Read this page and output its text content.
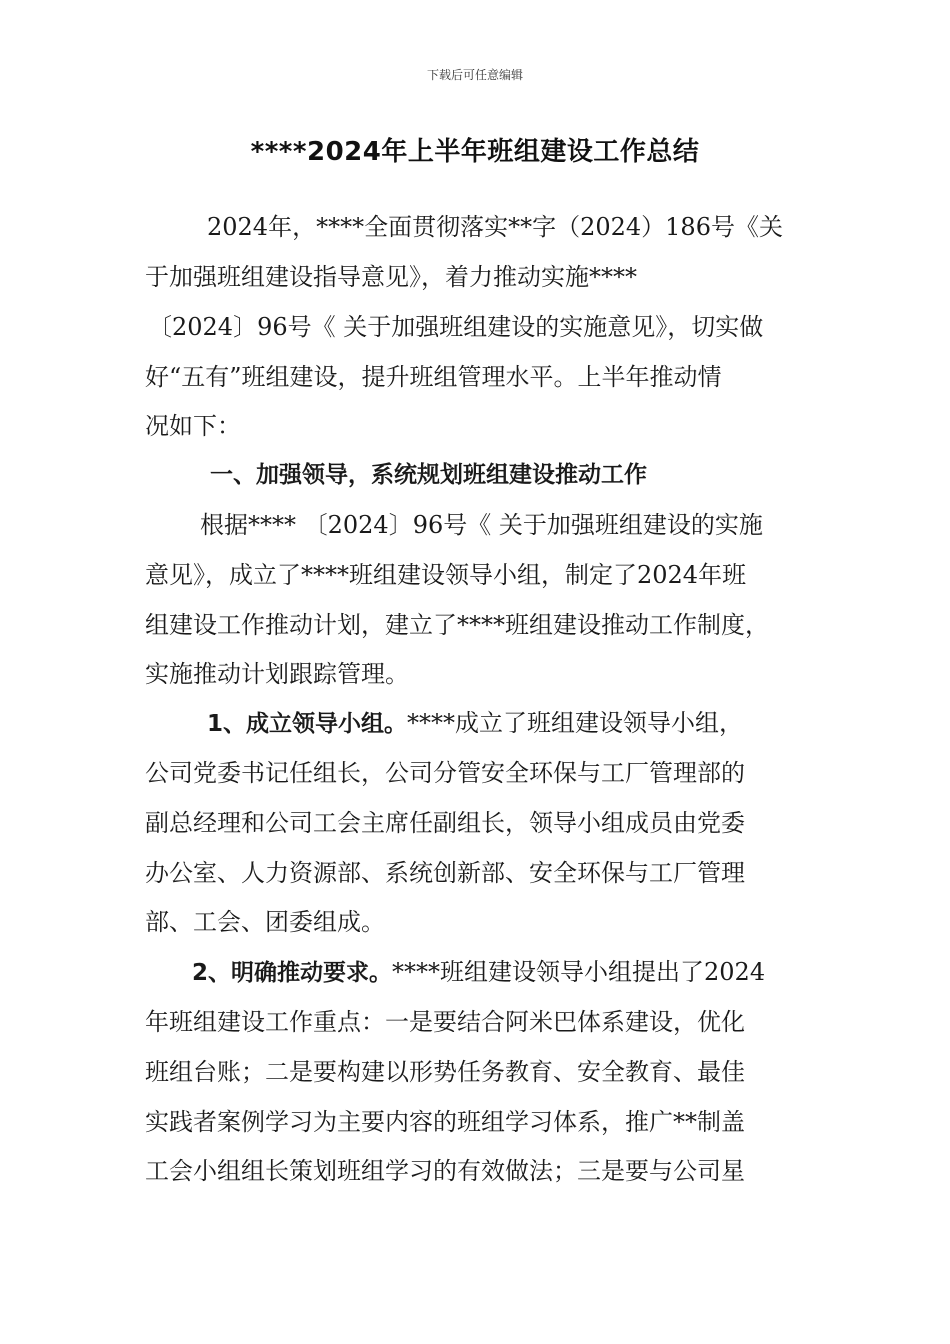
下载后可任意编辑
****2024年上半年班组建设工作总结
2024年，****全面贯彻落实**字（2024）186号《关
于加强班组建设指导意见》，着力推动实施****
〔2024〕96号《 关于加强班组建设的实施意见》，切实做
好“五有”班组建设，提升班组管理水平。上半年推动情
况如下：
一、加强领导，系统规划班组建设推动工作
根据**** 〔2024〕96号《 关于加强班组建设的实施
意见》，成立了****班组建设领导小组，制定了2024年班
组建设工作推动计划，建立了****班组建设推动工作制度，
实施推动计划跟踪管理。
1、成立领导小组。****成立了班组建设领导小组，
公司党委书记任组长，公司分管安全环保与工厂管理部的
副总经理和公司工会主席任副组长，领导小组成员由党委
办公室、人力资源部、系统创新部、安全环保与工厂管理
部、工会、团委组成。
2、明确推动要求。****班组建设领导小组提出了2024
年班组建设工作重点：一是要结合阿米巴体系建设，优化
班组台账；二是要构建以形势任务教育、安全教育、最佳
实践者案例学习为主要内容的班组学习体系，推广**制盖
工会小组组长策划班组学习的有效做法；三是要与公司星
